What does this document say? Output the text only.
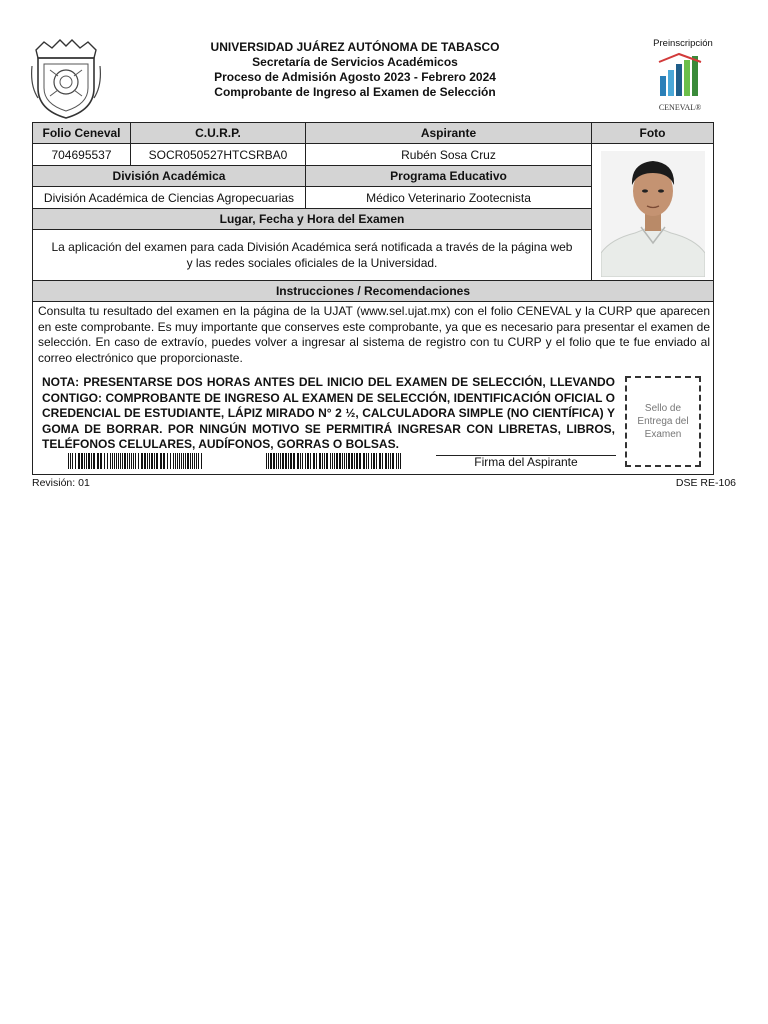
UNIVERSIDAD JUÁREZ AUTÓNOMA DE TABASCO
Secretaría de Servicios Académicos
Proceso de Admisión Agosto 2023 - Febrero 2024
Comprobante de Ingreso al Examen de Selección
Preinscripción
CENEVAL®
Folio Ceneval	C.U.R.P.	Aspirante	Foto
704695537	SOCR050527HTCSRBA0	Rubén Sosa Cruz
División Académica	Programa Educativo
División Académica de Ciencias Agropecuarias	Médico Veterinario Zootecnista
Lugar, Fecha y Hora del Examen
La aplicación del examen para cada División Académica será notificada a través de la página web
y las redes sociales oficiales de la Universidad.
Instrucciones / Recomendaciones
Consulta tu resultado del examen en la página de la UJAT (www.sel.ujat.mx) con el folio CENEVAL y la CURP que aparecen en este comprobante. Es muy importante que conserves este comprobante, ya que es necesario para presentar el examen de selección. En caso de extravío, puedes volver a ingresar al sistema de registro con tu CURP y el folio que te fue enviado al correo electrónico que proporcionaste.
NOTA: PRESENTARSE DOS HORAS ANTES DEL INICIO DEL EXAMEN DE SELECCIÓN, LLEVANDO CONTIGO: COMPROBANTE DE INGRESO AL EXAMEN DE SELECCIÓN, IDENTIFICACIÓN OFICIAL O CREDENCIAL DE ESTUDIANTE, LÁPIZ MIRADO N° 2 ½, CALCULADORA SIMPLE (NO CIENTÍFICA) Y GOMA DE BORRAR. POR NINGÚN MOTIVO SE PERMITIRÁ INGRESAR CON LIBRETAS, LIBROS, TELÉFONOS CELULARES, AUDÍFONOS, GORRAS O BOLSAS.
Sello de Entrega del Examen
Firma del Aspirante
Revisión: 01	DSE RE-106
